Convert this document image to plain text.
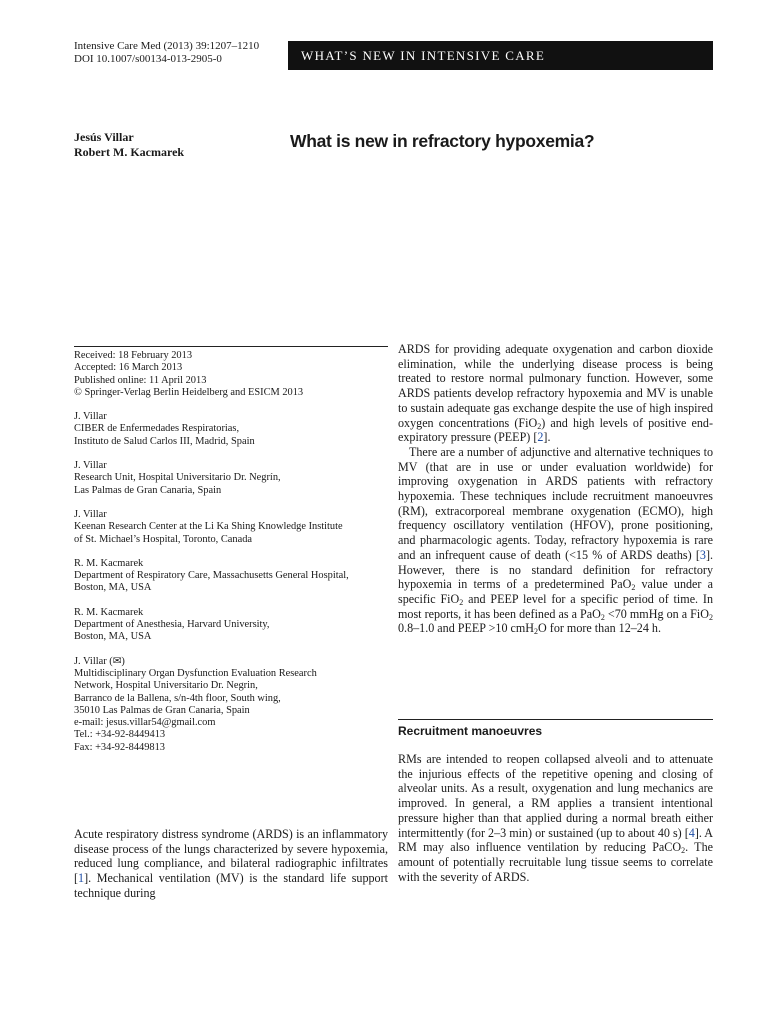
Intensive Care Med (2013) 39:1207–1210
DOI 10.1007/s00134-013-2905-0	WHAT’S NEW IN INTENSIVE CARE
Jesús Villar
Robert M. Kacmarek
What is new in refractory hypoxemia?
Received: 18 February 2013
Accepted: 16 March 2013
Published online: 11 April 2013
© Springer-Verlag Berlin Heidelberg and ESICM 2013
J. Villar
CIBER de Enfermedades Respiratorias,
Instituto de Salud Carlos III, Madrid, Spain
J. Villar
Research Unit, Hospital Universitario Dr. Negrín,
Las Palmas de Gran Canaria, Spain
J. Villar
Keenan Research Center at the Li Ka Shing Knowledge Institute
of St. Michael’s Hospital, Toronto, Canada
R. M. Kacmarek
Department of Respiratory Care, Massachusetts General Hospital,
Boston, MA, USA
R. M. Kacmarek
Department of Anesthesia, Harvard University,
Boston, MA, USA
J. Villar (✉)
Multidisciplinary Organ Dysfunction Evaluation Research
Network, Hospital Universitario Dr. Negrin,
Barranco de la Ballena, s/n-4th floor, South wing,
35010 Las Palmas de Gran Canaria, Spain
e-mail: jesus.villar54@gmail.com
Tel.: +34-92-8449413
Fax: +34-92-8449813

Acute respiratory distress syndrome (ARDS) is an inflammatory disease process of the lungs characterized by severe hypoxemia, reduced lung compliance, and bilateral radiographic infiltrates [1]. Mechanical ventilation (MV) is the standard life support technique during

ARDS for providing adequate oxygenation and carbon dioxide elimination, while the underlying disease process is being treated to restore normal pulmonary function. However, some ARDS patients develop refractory hypoxemia and MV is unable to sustain adequate gas exchange despite the use of high inspired oxygen concentrations (FiO$_2$) and high levels of positive end-expiratory pressure (PEEP) [2].

There are a number of adjunctive and alternative techniques to MV (that are in use or under evaluation worldwide) for improving oxygenation in ARDS patients with refractory hypoxemia. These techniques include recruitment manoeuvres (RM), extracorporeal membrane oxygenation (ECMO), high frequency oscillatory ventilation (HFOV), prone positioning, and pharmacologic agents. Today, refractory hypoxemia is rare and an infrequent cause of death (<15 % of ARDS deaths) [3]. However, there is no standard definition for refractory hypoxemia in terms of a predetermined PaO$_2$ value under a specific FiO$_2$ and PEEP level for a specific period of time. In most reports, it has been defined as a PaO$_2$ <70 mmHg on a FiO$_2$ 0.8–1.0 and PEEP >10 cmH$_2$O for more than 12–24 h.

Recruitment manoeuvres

RMs are intended to reopen collapsed alveoli and to attenuate the injurious effects of the repetitive opening and closing of alveolar units. As a result, oxygenation and lung mechanics are improved. In general, a RM applies a transient intentional pressure higher than that applied during a normal breath either intermittently (for 2–3 min) or sustained (up to about 40 s) [4]. A RM may also influence ventilation by reducing PaCO$_2$. The amount of potentially recruitable lung tissue seems to correlate with the severity of ARDS.
